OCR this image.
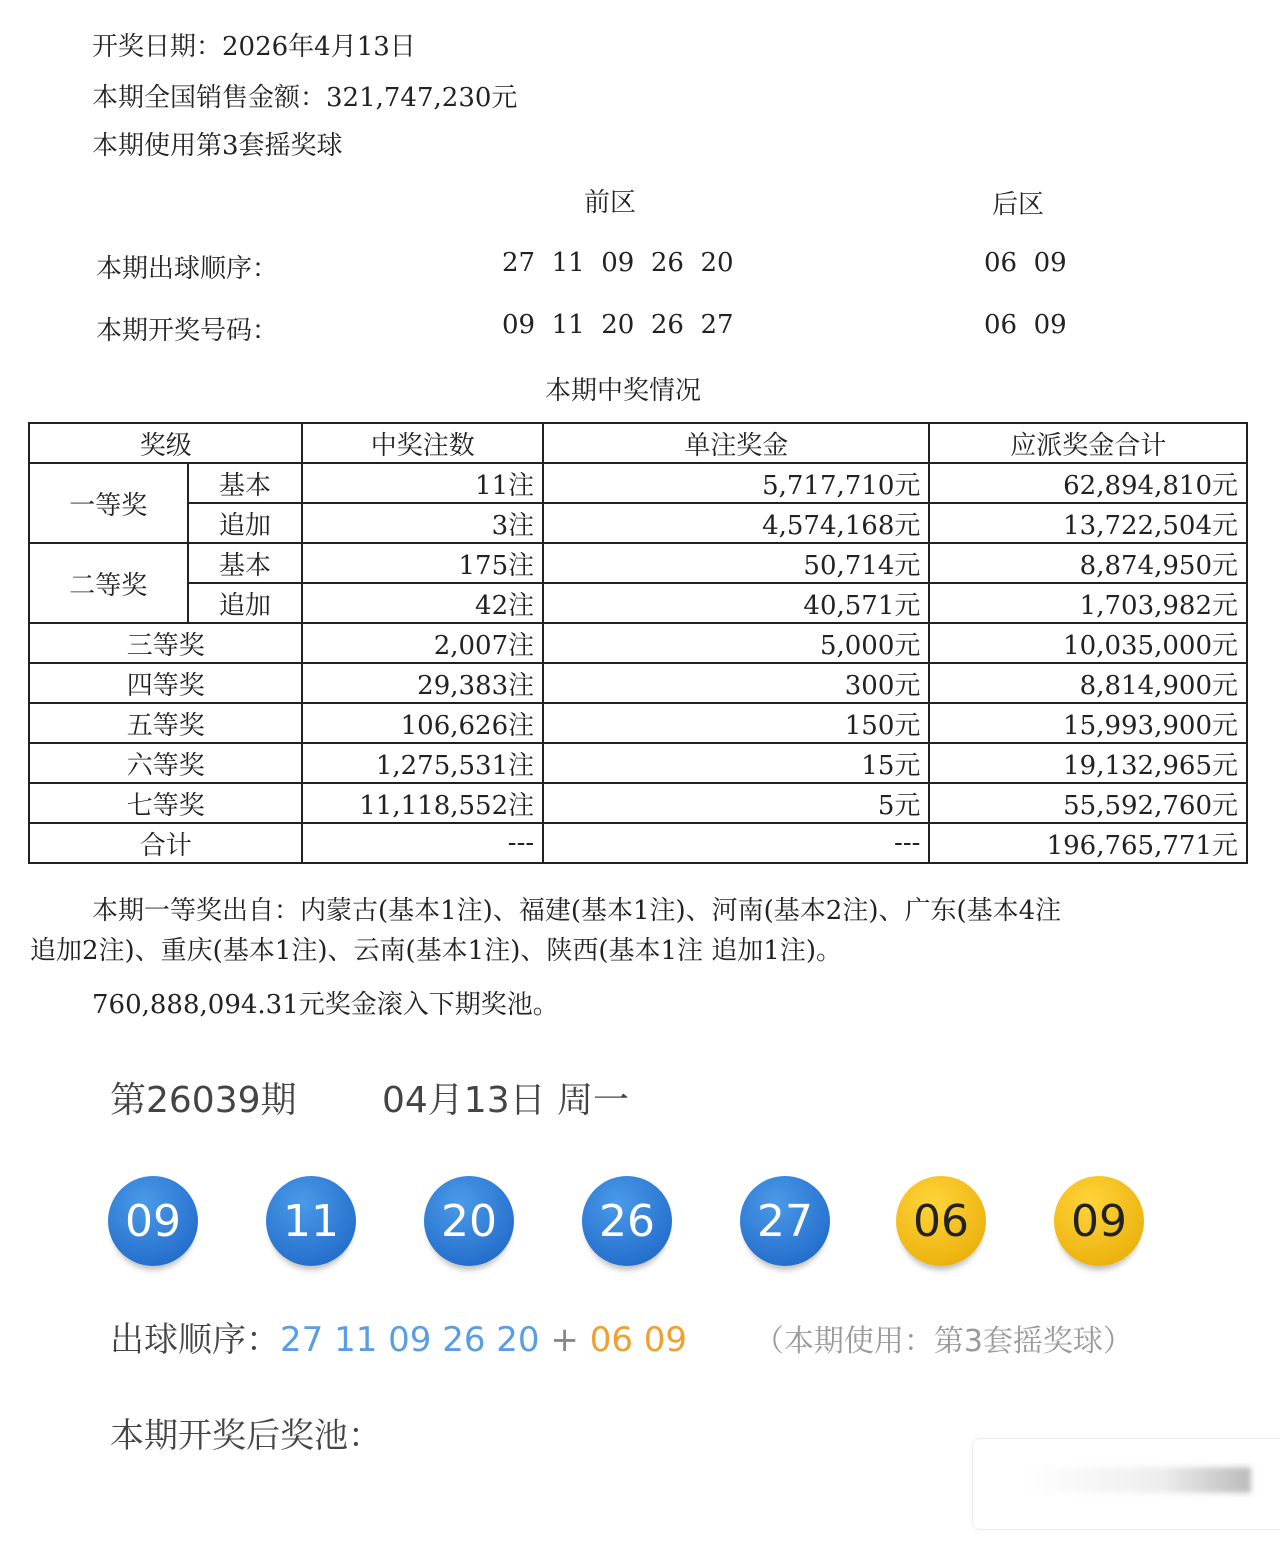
开奖日期：2026年4月13日
本期全国销售金额：321,747,230元
本期使用第3套摇奖球
前区	后区
本期出球顺序：	27  11  09  26  20	06  09
本期开奖号码：	09  11  20  26  27	06  09
本期中奖情况
奖级		中奖注数	单注奖金	应派奖金合计
一等奖	基本	11注	5,717,710元	62,894,810元
	追加	3注	4,574,168元	13,722,504元
二等奖	基本	175注	50,714元	8,874,950元
	追加	42注	40,571元	1,703,982元
三等奖		2,007注	5,000元	10,035,000元
四等奖		29,383注	300元	8,814,900元
五等奖		106,626注	150元	15,993,900元
六等奖		1,275,531注	15元	19,132,965元
七等奖		11,118,552注	5元	55,592,760元
合计		---	---	196,765,771元
本期一等奖出自：内蒙古(基本1注)、福建(基本1注)、河南(基本2注)、广东(基本4注
追加2注)、重庆(基本1注)、云南(基本1注)、陕西(基本1注 追加1注)。
760,888,094.31元奖金滚入下期奖池。
第26039期 04月13日 周一
09	11	20	26	27	06	09
出球顺序：27 11 09 26 20 + 06 09 （本期使用：第3套摇奖球）
本期开奖后奖池：
